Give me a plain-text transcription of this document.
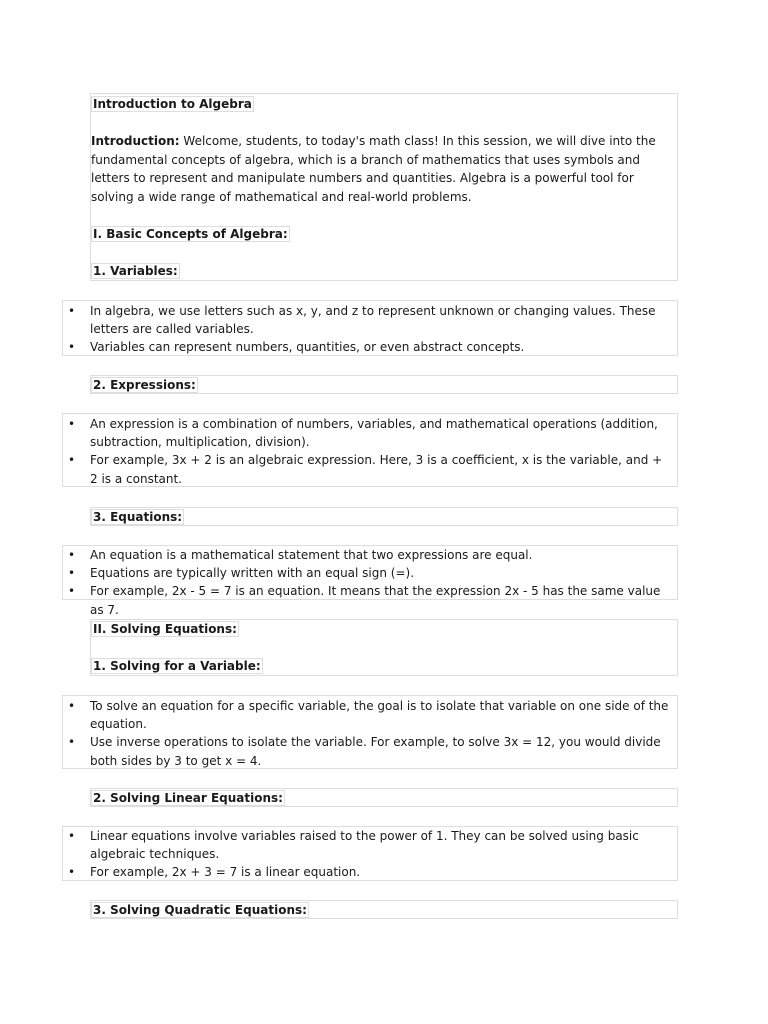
Introduction to Algebra

Introduction: Welcome, students, to today's math class! In this session, we will dive into the fundamental concepts of algebra, which is a branch of mathematics that uses symbols and letters to represent and manipulate numbers and quantities. Algebra is a powerful tool for solving a wide range of mathematical and real-world problems.

I. Basic Concepts of Algebra:

1. Variables:

• In algebra, we use letters such as x, y, and z to represent unknown or changing values. These letters are called variables.
• Variables can represent numbers, quantities, or even abstract concepts.

2. Expressions:

• An expression is a combination of numbers, variables, and mathematical operations (addition, subtraction, multiplication, division).
• For example, 3x + 2 is an algebraic expression. Here, 3 is a coefficient, x is the variable, and + 2 is a constant.

3. Equations:

• An equation is a mathematical statement that two expressions are equal.
• Equations are typically written with an equal sign (=).
• For example, 2x - 5 = 7 is an equation. It means that the expression 2x - 5 has the same value as 7.

II. Solving Equations:

1. Solving for a Variable:

• To solve an equation for a specific variable, the goal is to isolate that variable on one side of the equation.
• Use inverse operations to isolate the variable. For example, to solve 3x = 12, you would divide both sides by 3 to get x = 4.

2. Solving Linear Equations:

• Linear equations involve variables raised to the power of 1. They can be solved using basic algebraic techniques.
• For example, 2x + 3 = 7 is a linear equation.

3. Solving Quadratic Equations:
